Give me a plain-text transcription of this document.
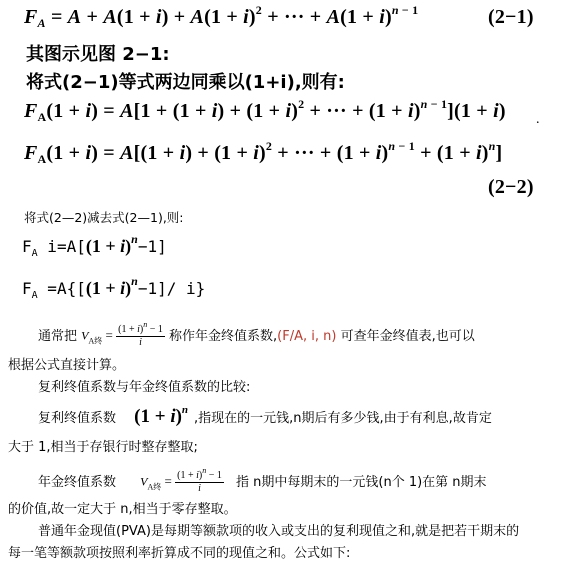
$F_A = A + A(1 + i) + A(1 + i)^2$ + ··· + $A(1 + i)^{n - 1}$	(2−1)
其图示见图 2−1:
将式(2−1)等式两边同乘以(1+i),则有:
$F_A(1 + i) = A[1 + (1 + i) + (1 + i)^2$ + ··· + $(1 + i)^{n - 1}](1 + i)$ .
$F_A(1 + i) = A[(1 + i) + (1 + i)^2$ + ··· + $(1 + i)^{n - 1} + (1 + i)^n$]
(2−2)
将式(2—2)减去式(2—1),则:
$F_A$ $i=A[(1 + i)^n-1]$
$F_A =A\{[(1 + i)^n-1]/$ i}
通常把 $V_{A终} = \frac{(1 + i)^n - 1}{i}$ 称作年金终值系数,(F/A, i, n) 可查年金终值表,也可以
根据公式直接计算。
复利终值系数与年金终值系数的比较:
复利终值系数 $(1 + i)^n$,指现在的一元钱,n期后有多少钱,由于有利息,故肯定
大于 1,相当于存银行时整存整取;
年金终值系数 $V_{A终} = \frac{(1 + i)^n - 1}{i}$ 指 n期中每期末的一元钱(n个 1)在第 n期末
的价值,故一定大于 n,相当于零存整取。
普通年金现值(PVA)是每期等额款项的收入或支出的复利现值之和,就是把若干期末的
每一笔等额款项按照利率折算成不同的现值之和。公式如下:
